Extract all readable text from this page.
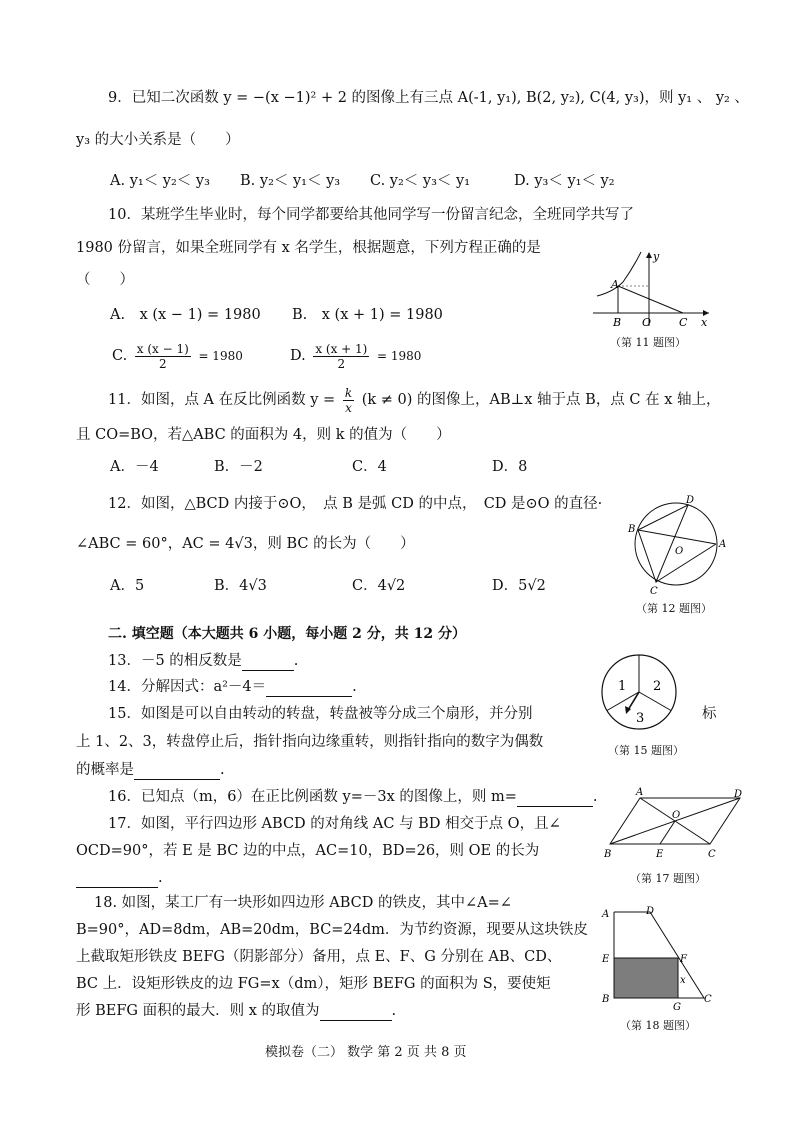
9．已知二次函数 y = −(x −1)² + 2 的图像上有三点 A(-1, y₁), B(2, y₂), C(4, y₃)，则 y₁ 、 y₂ 、
y₃ 的大小关系是（　　）
A. y₁＜ y₂＜ y₃ B. y₂＜ y₁＜ y₃ C. y₂＜ y₃＜ y₁	D. y₃＜ y₁＜ y₂
10．某班学生毕业时，每个同学都要给其他同学写一份留言纪念，全班同学共写了
1980 份留言，如果全班同学有 x 名学生，根据题意，下列方程正确的是
（　　）
A.　x (x − 1) = 1980 B.　x (x + 1) = 1980
C. $\frac{x (x - 1)}{2} = 1980$	D. $\frac{x (x + 1)}{2} = 1980$
A
B O	C x
y
（第 11 题图）
11．如图，点 A 在反比例函数 $y = \frac{k}{x} (k \ne 0)$ 的图像上，AB⊥x 轴于点 B，点 C 在 x 轴上，
且 CO=BO，若△ABC 的面积为 4，则 k 的值为（　　）
A．－4	B．－2	C．4	D．8
12．如图，△BCD 内接于⊙O，　点 B 是弧 CD 的中点，　CD 是⊙O 的直径·
∠ABC = 60°，AC = 4√3，则 BC 的长为（　　）
A．5	B．4√3	C．4√2	D．5√2
D
B
A
C
O
（第 12 题图）
二. 填空题（本大题共 6 小题，每小题 2 分，共 12 分）
13．－5 的相反数是	.
14．分解因式：a²－4＝	.
15．如图是可以自由转动的转盘，转盘被等分成三个扇形，并分别	标
上 1、2、3，转盘停止后，指针指向边缘重转，则指针指向的数字为偶数
的概率是	.
1 2
3
（第 15 题图）
16．已知点（m，6）在正比例函数 y=－3x 的图像上，则 m=	.
17．如图，平行四边形 ABCD 的对角线 AC 与 BD 相交于点 O，且∠
OCD=90°，若 E 是 BC 边的中点，AC=10，BD=26，则 OE 的长为
.
A	D
O
B	E	C
（第 17 题图）
18. 如图，某工厂有一块形如四边形 ABCD 的铁皮，其中∠A=∠
B=90°，AD=8dm，AB=20dm，BC=24dm．为节约资源，现要从这块铁皮
上截取矩形铁皮 BEFG（阴影部分）备用，点 E、F、G 分别在 AB、CD、
BC 上．设矩形铁皮的边 FG=x（dm），矩形 BEFG 的面积为 S，要使矩
形 BEFG 面积的最大．则 x 的取值为	.
A	D
E	F
x
B
G
C
（第 18 题图）
模拟卷（二） 数学 第 2 页 共 8 页
